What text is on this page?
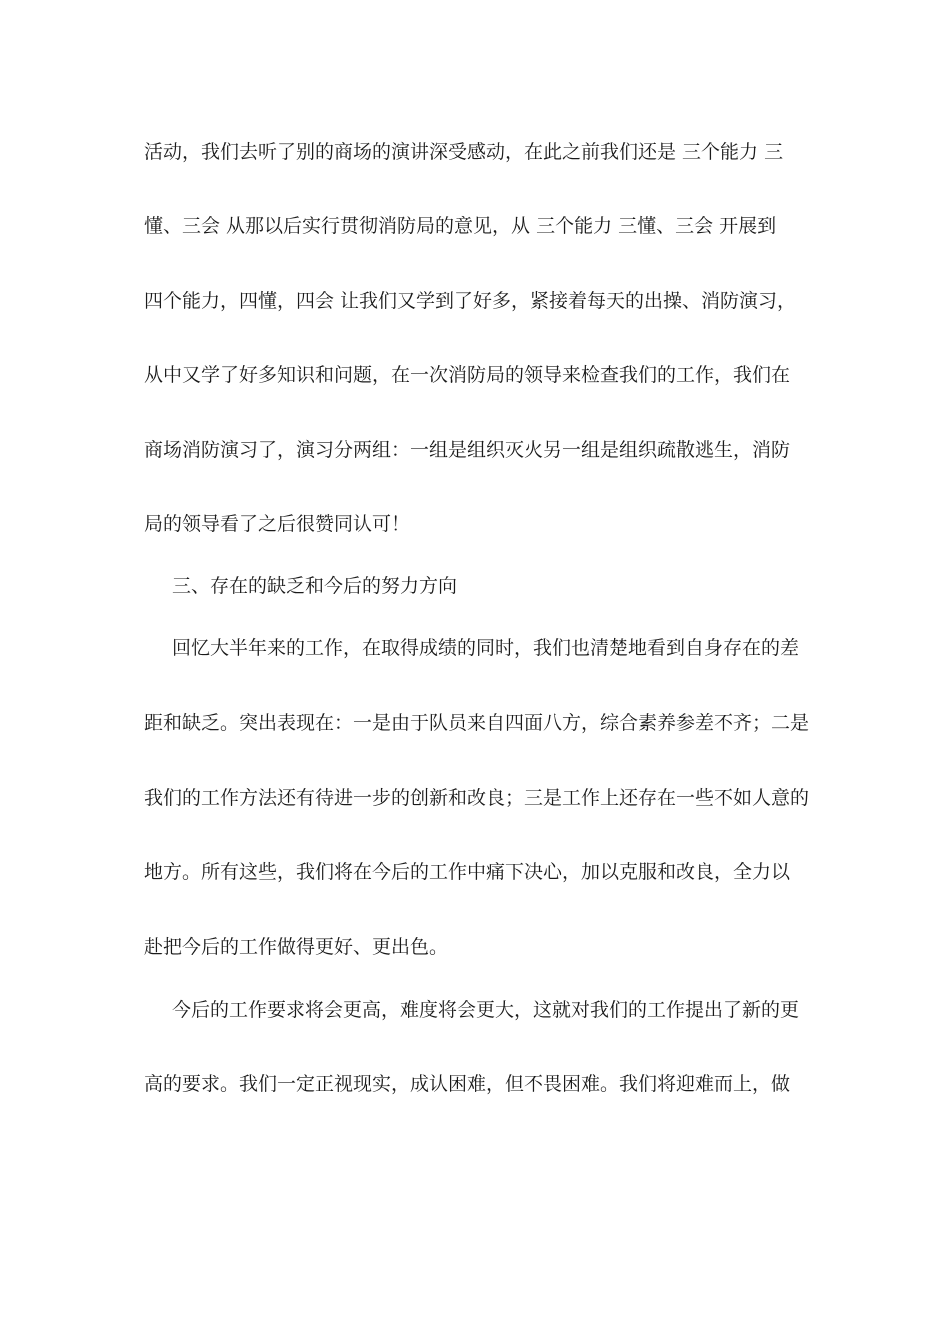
活动，我们去听了别的商场的演讲深受感动，在此之前我们还是 三个能力 三
懂、三会 从那以后实行贯彻消防局的意见，从 三个能力 三懂、三会 开展到
四个能力，四懂，四会 让我们又学到了好多，紧接着每天的出操、消防演习，
从中又学了好多知识和问题，在一次消防局的领导来检查我们的工作，我们在
商场消防演习了，演习分两组：一组是组织灭火另一组是组织疏散逃生，消防
局的领导看了之后很赞同认可！
三、存在的缺乏和今后的努力方向
回忆大半年来的工作，在取得成绩的同时，我们也清楚地看到自身存在的差
距和缺乏。突出表现在：一是由于队员来自四面八方，综合素养参差不齐；二是
我们的工作方法还有待进一步的创新和改良；三是工作上还存在一些不如人意的
地方。所有这些，我们将在今后的工作中痛下决心，加以克服和改良，全力以
赴把今后的工作做得更好、更出色。
今后的工作要求将会更高，难度将会更大，这就对我们的工作提出了新的更
高的要求。我们一定正视现实，成认困难，但不畏困难。我们将迎难而上，做
